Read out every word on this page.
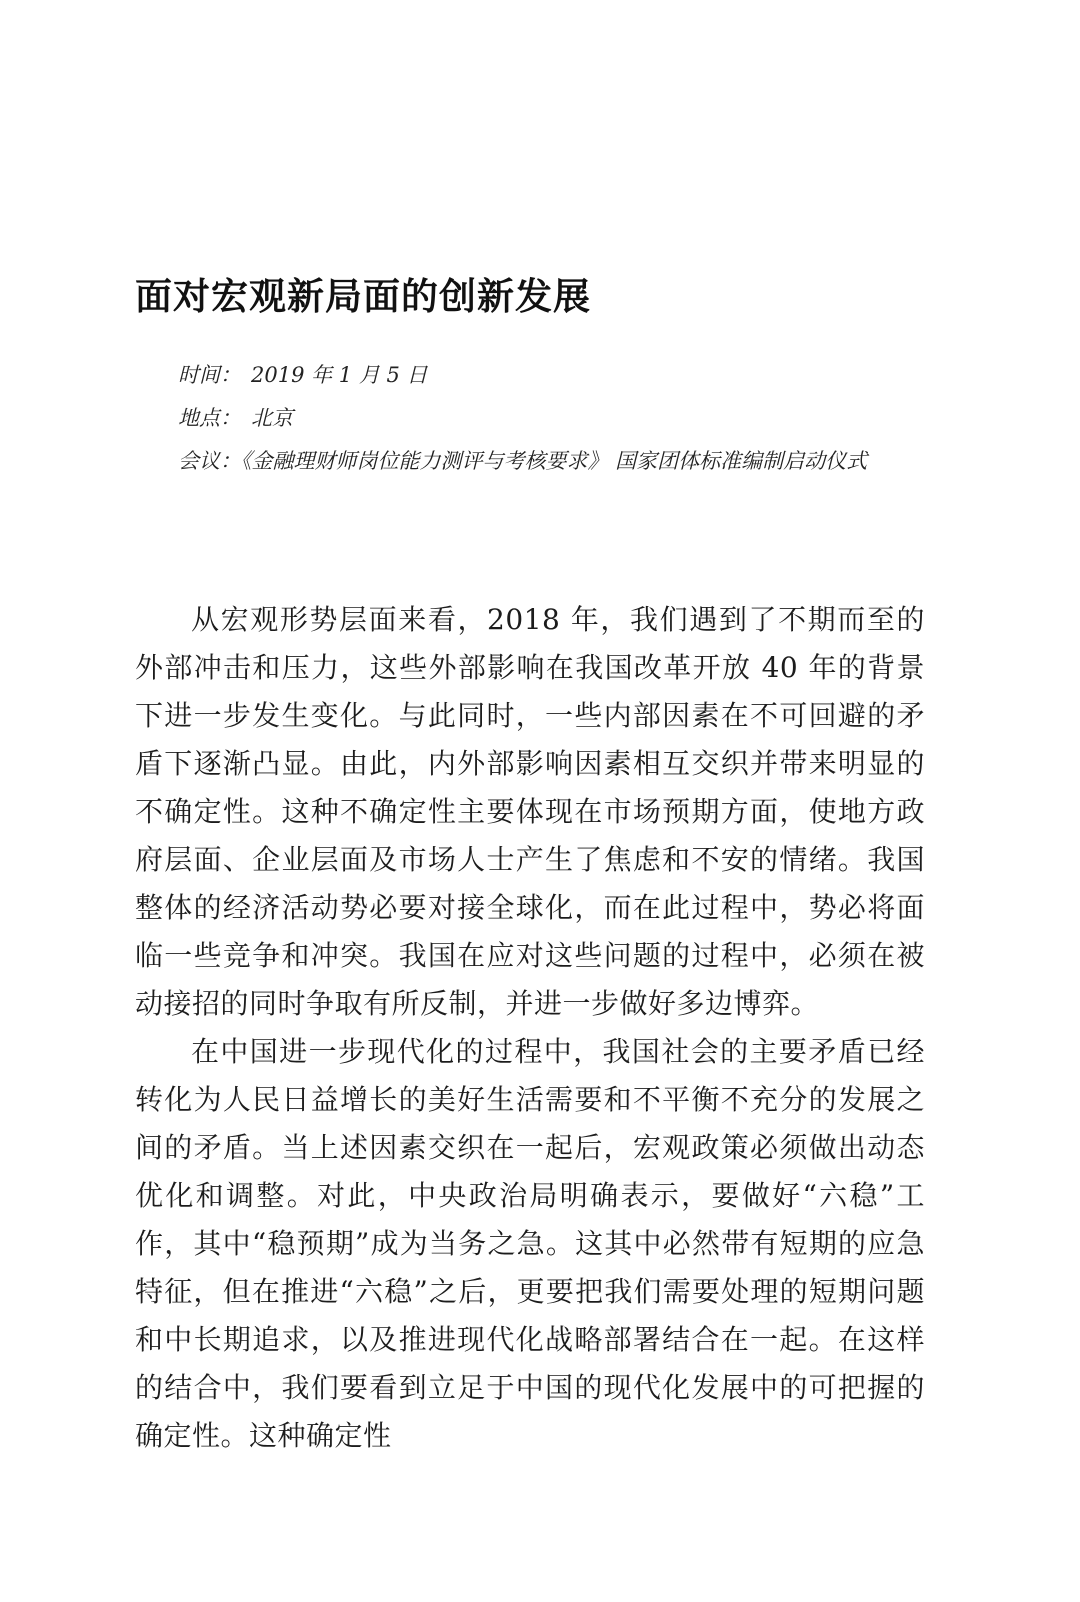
面对宏观新局面的创新发展
时间： 2019 年 1 月 5 日
地点： 北京
会议：《金融理财师岗位能力测评与考核要求》 国家团体标准编制启动仪式

从宏观形势层面来看，2018 年，我们遇到了不期而至的外部冲击和压力，这些外部影响在我国改革开放 40 年的背景下进一步发生变化。与此同时，一些内部因素在不可回避的矛盾下逐渐凸显。由此，内外部影响因素相互交织并带来明显的不确定性。这种不确定性主要体现在市场预期方面，使地方政府层面、企业层面及市场人士产生了焦虑和不安的情绪。我国整体的经济活动势必要对接全球化，而在此过程中，势必将面临一些竞争和冲突。我国在应对这些问题的过程中，必须在被动接招的同时争取有所反制，并进一步做好多边博弈。

在中国进一步现代化的过程中，我国社会的主要矛盾已经转化为人民日益增长的美好生活需要和不平衡不充分的发展之间的矛盾。当上述因素交织在一起后，宏观政策必须做出动态优化和调整。对此，中央政治局明确表示，要做好“六稳”工作，其中“稳预期”成为当务之急。这其中必然带有短期的应急特征，但在推进“六稳”之后，更要把我们需要处理的短期问题和中长期追求，以及推进现代化战略部署结合在一起。在这样的结合中，我们要看到立足于中国的现代化发展中的可把握的确定性。这种确定性
